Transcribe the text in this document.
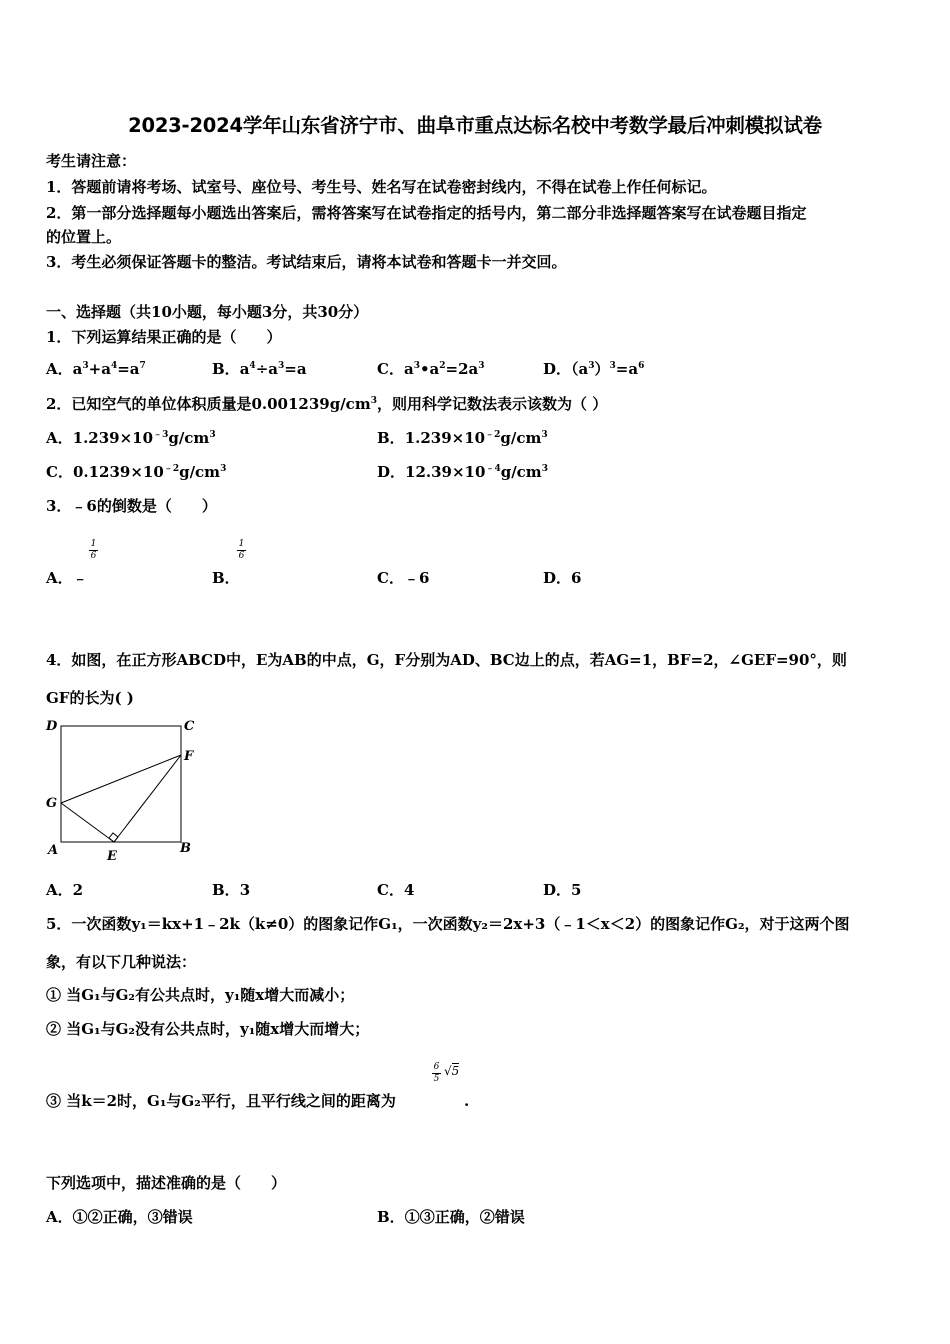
2023-2024学年山东省济宁市、曲阜市重点达标名校中考数学最后冲刺模拟试卷
考生请注意：
1．答题前请将考场、试室号、座位号、考生号、姓名写在试卷密封线内，不得在试卷上作任何标记。
2．第一部分选择题每小题选出答案后，需将答案写在试卷指定的括号内，第二部分非选择题答案写在试卷题目指定
的位置上。
3．考生必须保证答题卡的整洁。考试结束后，请将本试卷和答题卡一并交回。
一、选择题（共10小题，每小题3分，共30分）
1．下列运算结果正确的是（　　）
A．$a^3+a^4=a^7$	B．$a^4\div a^3=a$	C．$a^3•a^2=2a^3$	D．$(a^3)^3=a^6$
2．已知空气的单位体积质量是$0.001239g/cm^3$，则用科学记数法表示该数为（ ）
A．$1.239\times 10^{﹣3}g/cm^3$	B．$1.239\times 10^{﹣2}g/cm^3$
C．$0.1239\times 10^{﹣2}g/cm^3$	D．$12.39\times 10^{﹣4}g/cm^3$
3．﹣6的倒数是（　　）
$\frac{1}{6}$	$\frac{1}{6}$
A．﹣	B．	C．﹣6	D．6
4．如图，在正方形ABCD中，E为AB的中点，G，F分别为AD、BC边上的点，若AG=1，BF=2，∠GEF=90°，则
GF的长为( )
D	C
F
G
A	E
B
A．2	B．3	C．4	D．5
5．一次函数y₁＝kx+1﹣2k（k≠0）的图象记作G₁，一次函数y₂＝2x+3（﹣1＜x＜2）的图象记作G₂，对于这两个图
象，有以下几种说法：
① 当G₁与G₂有公共点时，y₁随x增大而减小；
② 当G₁与G₂没有公共点时，y₁随x增大而增大；
$\frac{6}{5} √5$
③ 当k＝2时，G₁与G₂平行，且平行线之间的距离为	.
下列选项中，描述准确的是（　　）
A．①②正确，③错误	B．①③正确，②错误
